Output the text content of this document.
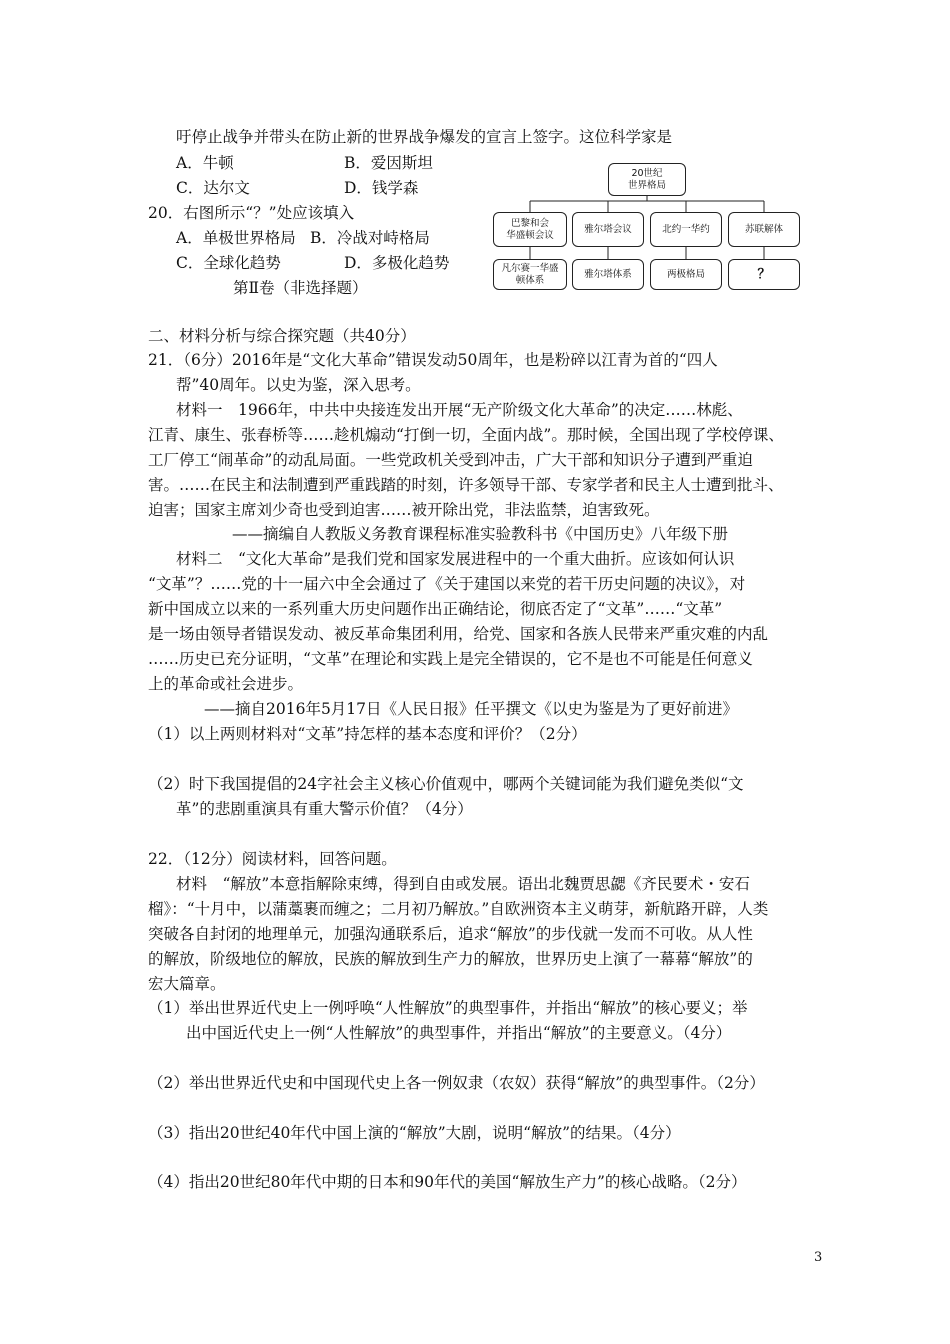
吁停止战争并带头在防止新的世界战争爆发的宣言上签字。这位科学家是
A．牛顿	B．爱因斯坦
C．达尔文	D．钱学森
20．右图所示“？”处应该填入
A．单极世界格局 B．冷战对峙格局
C．全球化趋势	D．多极化趋势
第Ⅱ卷（非选择题）
20世纪
世界格局
巴黎和会
华盛顿会议
雅尔塔会议	北约一华约	苏联解体
凡尔赛一华盛
顿体系
雅尔塔体系	两极格局	？
二、材料分析与综合探究题（共40分）
21．（6分）2016年是“文化大革命”错误发动50周年，也是粉碎以江青为首的“四人
帮”40周年。以史为鉴，深入思考。
材料一　1966年，中共中央接连发出开展“无产阶级文化大革命”的决定……林彪、
江青、康生、张春桥等……趁机煽动“打倒一切，全面内战”。那时候，全国出现了学校停课、
工厂停工“闹革命”的动乱局面。一些党政机关受到冲击，广大干部和知识分子遭到严重迫
害。……在民主和法制遭到严重践踏的时刻，许多领导干部、专家学者和民主人士遭到批斗、
迫害；国家主席刘少奇也受到迫害……被开除出党，非法监禁，迫害致死。
——摘编自人教版义务教育课程标准实验教科书《中国历史》八年级下册
材料二　“文化大革命”是我们党和国家发展进程中的一个重大曲折。应该如何认识
“文革”？……党的十一届六中全会通过了《关于建国以来党的若干历史问题的决议》，对
新中国成立以来的一系列重大历史问题作出正确结论，彻底否定了“文革”……“文革”
是一场由领导者错误发动、被反革命集团利用，给党、国家和各族人民带来严重灾难的内乱
……历史已充分证明，“文革”在理论和实践上是完全错误的，它不是也不可能是任何意义
上的革命或社会进步。
——摘自2016年5月17日《人民日报》任平撰文《以史为鉴是为了更好前进》
（1）以上两则材料对“文革”持怎样的基本态度和评价？（2分）
（2）时下我国提倡的24字社会主义核心价值观中，哪两个关键词能为我们避免类似“文
革”的悲剧重演具有重大警示价值？（4分）
22．（12分）阅读材料，回答问题。
材料　“解放”本意指解除束缚，得到自由或发展。语出北魏贾思勰《齐民要术・安石
榴》：“十月中，以蒲藁裹而缠之；二月初乃解放。”自欧洲资本主义萌芽，新航路开辟，人类
突破各自封闭的地理单元，加强沟通联系后，追求“解放”的步伐就一发而不可收。从人性
的解放，阶级地位的解放，民族的解放到生产力的解放，世界历史上演了一幕幕“解放”的
宏大篇章。
（1）举出世界近代史上一例呼唤“人性解放”的典型事件，并指出“解放”的核心要义；举
出中国近代史上一例“人性解放”的典型事件，并指出“解放”的主要意义。（4分）
（2）举出世界近代史和中国现代史上各一例奴隶（农奴）获得“解放”的典型事件。（2分）
（3）指出20世纪40年代中国上演的“解放”大剧，说明“解放”的结果。（4分）
（4）指出20世纪80年代中期的日本和90年代的美国“解放生产力”的核心战略。（2分）
3
